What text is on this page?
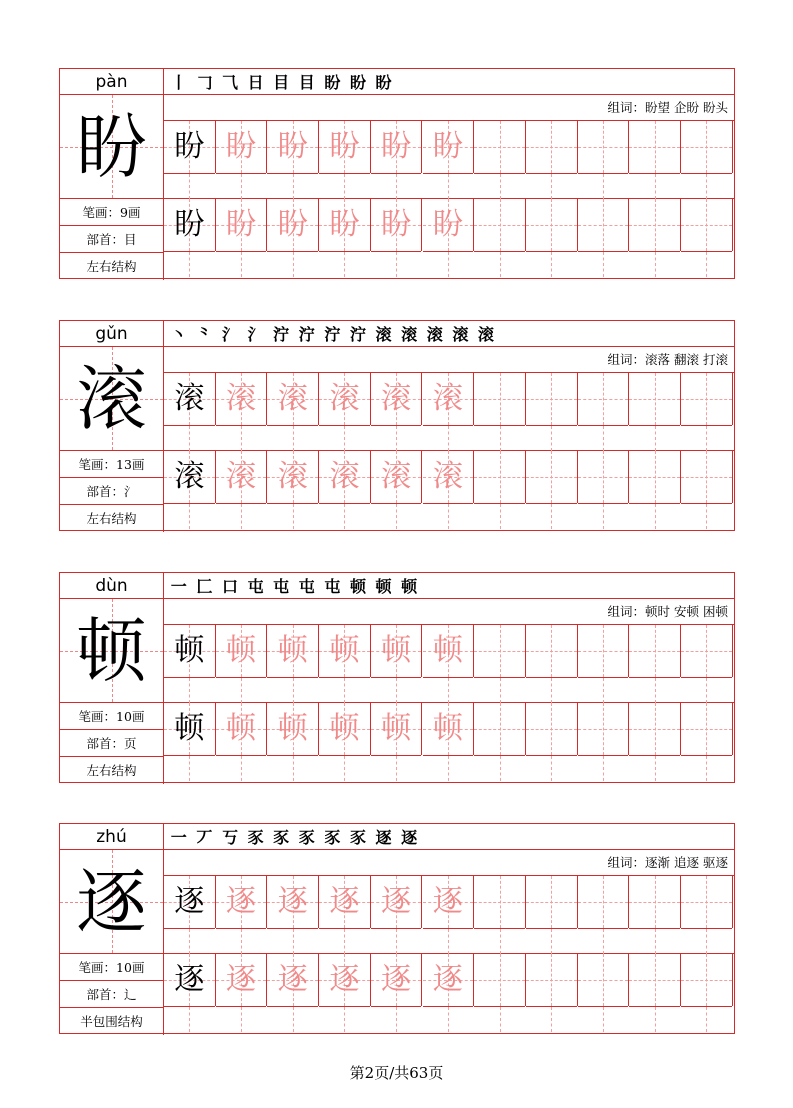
pàn
盼
笔画：9画
部首：目
左右结构
丨 𠃌 ⺄ 日 目 目 盼 盼 盼
组词：盼望 企盼 盼头
盼 盼 盼 盼 盼 盼
盼 盼 盼 盼 盼 盼
gǔn
滚
笔画：13画
部首：氵
左右结构
丶 ⺀ 氵 氵 泞 泞 泞 泞 滚 滚 滚 滚 滚
组词：滚落 翻滚 打滚
滚 滚 滚 滚 滚 滚
滚 滚 滚 滚 滚 滚
dùn
顿
笔画：10画
部首：页
左右结构
一 匚 口 屯 屯 屯 屯 顿 顿 顿
组词：顿时 安顿 困顿
顿 顿 顿 顿 顿 顿
顿 顿 顿 顿 顿 顿
zhú
逐
笔画：10画
部首：辶
半包围结构
一 丆 丂 豕 豕 豕 豕 豕 逐 逐
组词：逐渐 追逐 驱逐
逐 逐 逐 逐 逐 逐
逐 逐 逐 逐 逐 逐
第2页/共63页
